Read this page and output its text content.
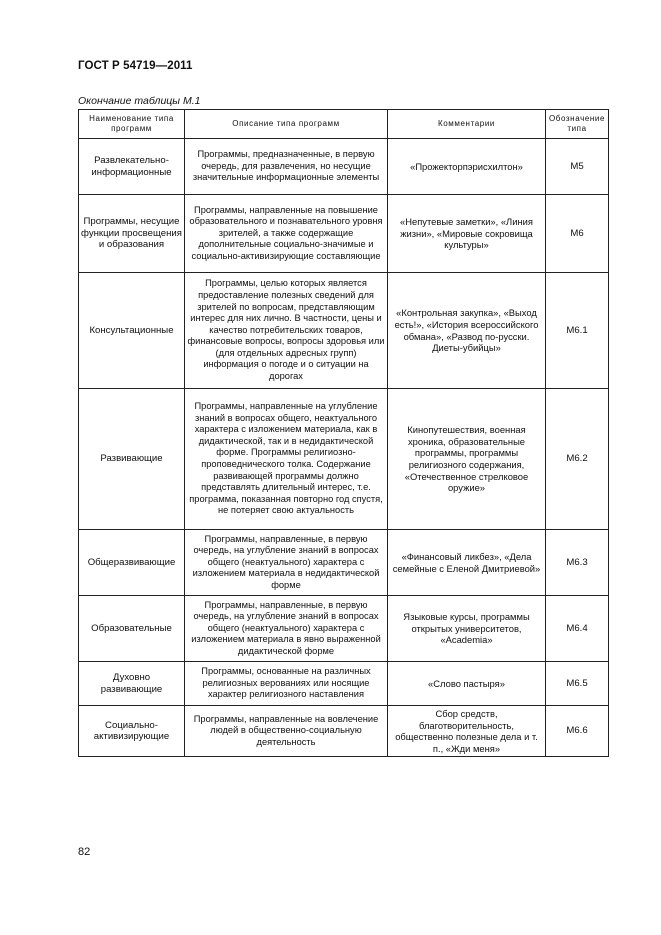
ГОСТ Р 54719—2011
Окончание таблицы М.1
Наименование типа программ	Описание типа программ	Комментарии	Обозначение типа
Развлекательно-информационные	Программы, предназначенные, в первую очередь, для развлечения, но несущие значительные информационные элементы	«Прожекторпэрисхилтон»	М5
Программы, несущие функции просвещения и образования	Программы, направленные на повышение образовательного и познавательного уровня зрителей, а также содержащие дополнительные социально-значимые и социально-активизирующие составляющие	«Непутевые заметки», «Линия жизни», «Мировые сокровища культуры»	М6
Консультационные	Программы, целью которых является предоставление полезных сведений для зрителей по вопросам, представляющим интерес для них лично. В частности, цены и качество потребительских товаров, финансовые вопросы, вопросы здоровья или (для отдельных адресных групп) информация о погоде и о ситуации на дорогах	«Контрольная закупка», «Выход есть!», «История всероссийского обмана», «Развод по-русски. Диеты-убийцы»	М6.1
Развивающие	Программы, направленные на углубление знаний в вопросах общего, неактуального характера с изложением материала, как в дидактической, так и в недидактической форме. Программы религиозно-проповеднического толка. Содержание развивающей программы должно представлять длительный интерес, т.е. программа, показанная повторно год спустя, не потеряет свою актуальность	Кинопутешествия, военная хроника, образовательные программы, программы религиозного содержания, «Отечественное стрелковое оружие»	М6.2
Общеразвивающие	Программы, направленные, в первую очередь, на углубление знаний в вопросах общего (неактуального) характера с изложением материала в недидактической форме	«Финансовый ликбез», «Дела семейные с Еленой Дмитриевой»	М6.3
Образовательные	Программы, направленные, в первую очередь, на углубление знаний в вопросах общего (неактуального) характера с изложением материала в явно выраженной дидактической форме	Языковые курсы, программы открытых университетов, «Academia»	М6.4
Духовно развивающие	Программы, основанные на различных религиозных верованиях или носящие характер религиозного наставления	«Слово пастыря»	М6.5
Социально-активизирующие	Программы, направленные на вовлечение людей в общественно-социальную деятельность	Сбор средств, благотворительность, общественно полезные дела и т. п., «Жди меня»	М6.6
82
